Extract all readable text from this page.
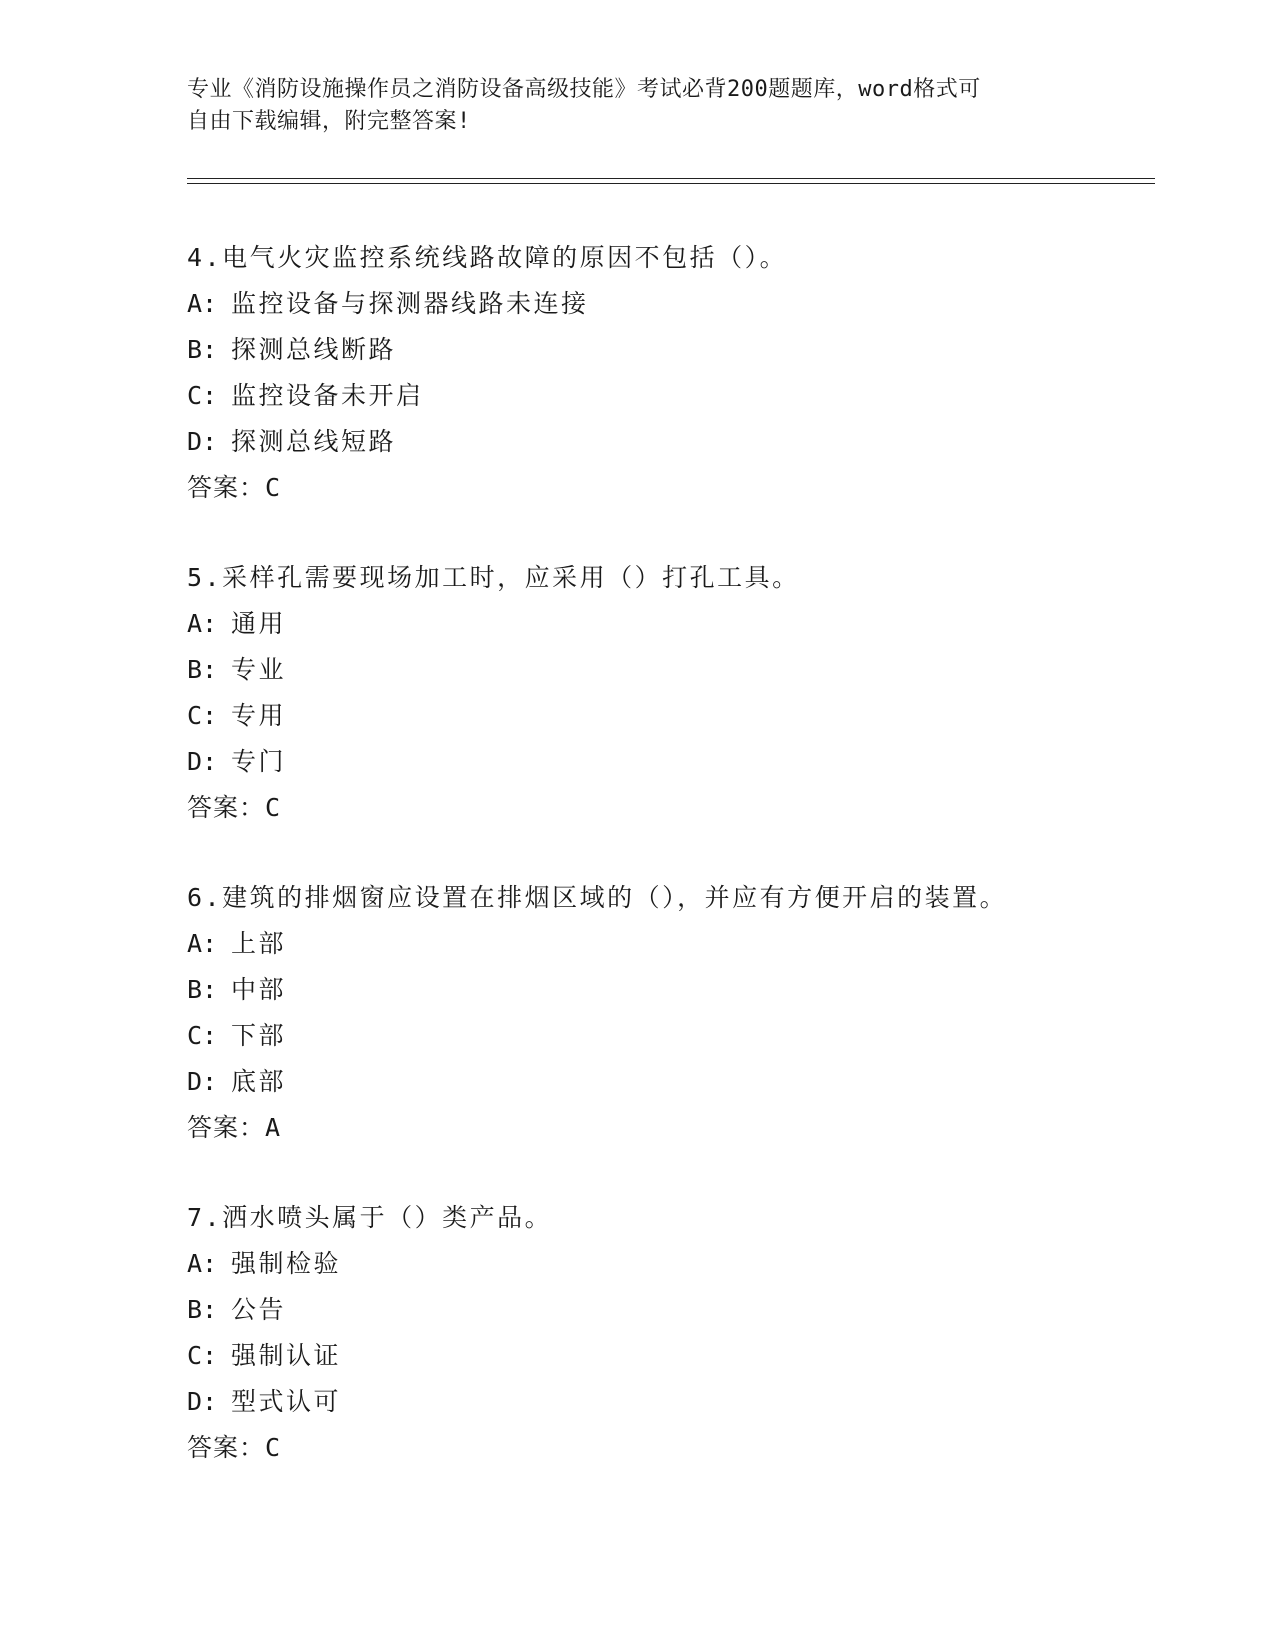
专业《消防设施操作员之消防设备高级技能》考试必背200题题库，word格式可
自由下载编辑，附完整答案!
4.电气火灾监控系统线路故障的原因不包括（）。
A: 监控设备与探测器线路未连接
B: 探测总线断路
C: 监控设备未开启
D: 探测总线短路
答案：C
5.采样孔需要现场加工时，应采用（）打孔工具。
A: 通用
B: 专业
C: 专用
D: 专门
答案：C
6.建筑的排烟窗应设置在排烟区域的（），并应有方便开启的装置。
A: 上部
B: 中部
C: 下部
D: 底部
答案：A
7.洒水喷头属于（）类产品。
A: 强制检验
B: 公告
C: 强制认证
D: 型式认可
答案：C
